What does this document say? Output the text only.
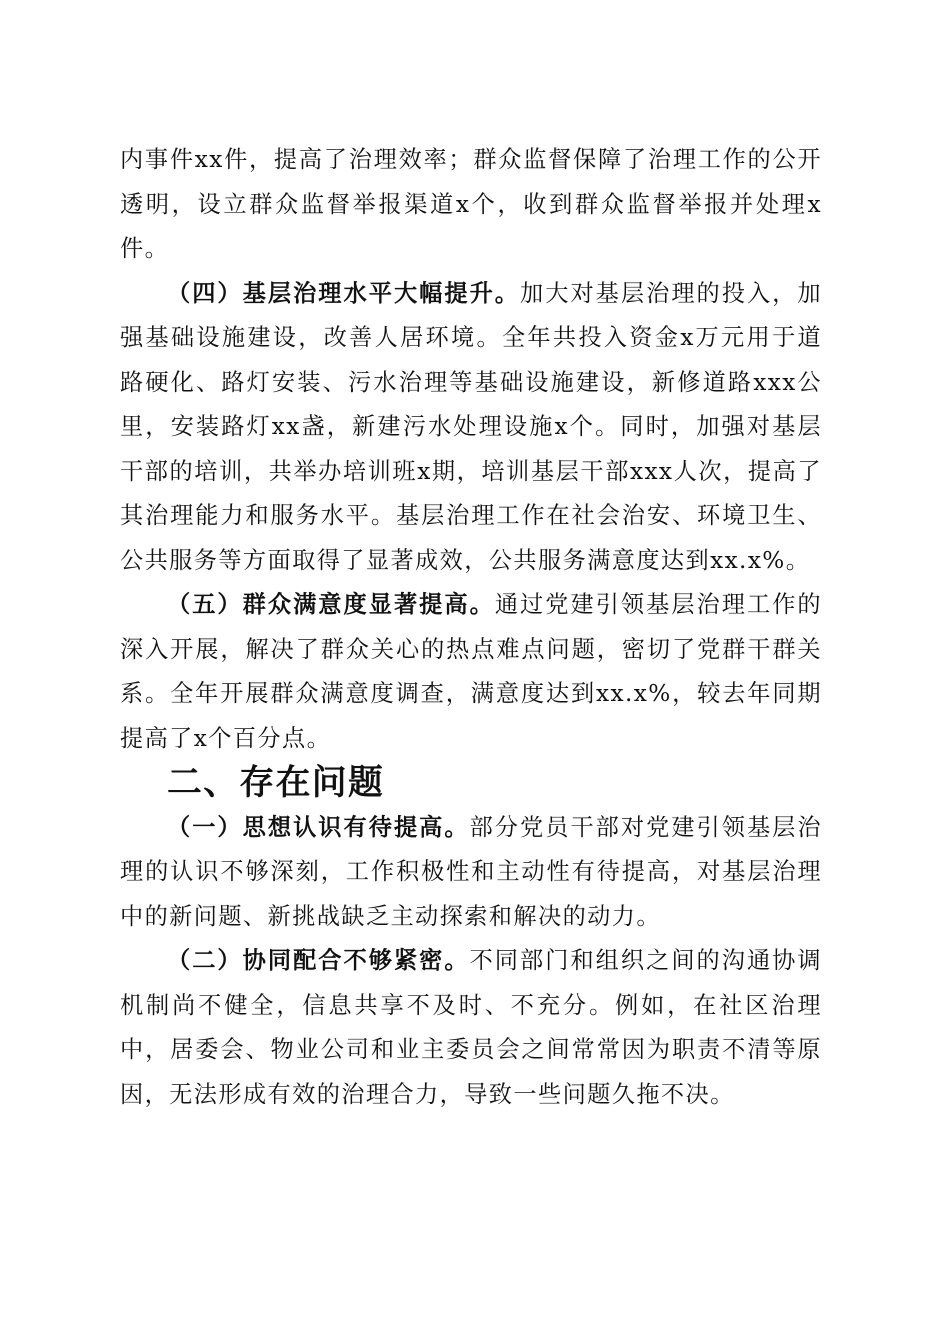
内事件xx件，提高了治理效率；群众监督保障了治理工作的公开透明，设立群众监督举报渠道x个，收到群众监督举报并处理x件。

（四）基层治理水平大幅提升。加大对基层治理的投入，加强基础设施建设，改善人居环境。全年共投入资金x万元用于道路硬化、路灯安装、污水治理等基础设施建设，新修道路xxx公里，安装路灯xx盏，新建污水处理设施x个。同时，加强对基层干部的培训，共举办培训班x期，培训基层干部xxx人次，提高了其治理能力和服务水平。基层治理工作在社会治安、环境卫生、公共服务等方面取得了显著成效，公共服务满意度达到xx.x%。

（五）群众满意度显著提高。通过党建引领基层治理工作的深入开展，解决了群众关心的热点难点问题，密切了党群干群关系。全年开展群众满意度调查，满意度达到xx.x%，较去年同期提高了x个百分点。

二、存在问题

（一）思想认识有待提高。部分党员干部对党建引领基层治理的认识不够深刻，工作积极性和主动性有待提高，对基层治理中的新问题、新挑战缺乏主动探索和解决的动力。

（二）协同配合不够紧密。不同部门和组织之间的沟通协调机制尚不健全，信息共享不及时、不充分。例如，在社区治理中，居委会、物业公司和业主委员会之间常常因为职责不清等原因，无法形成有效的治理合力，导致一些问题久拖不决。
